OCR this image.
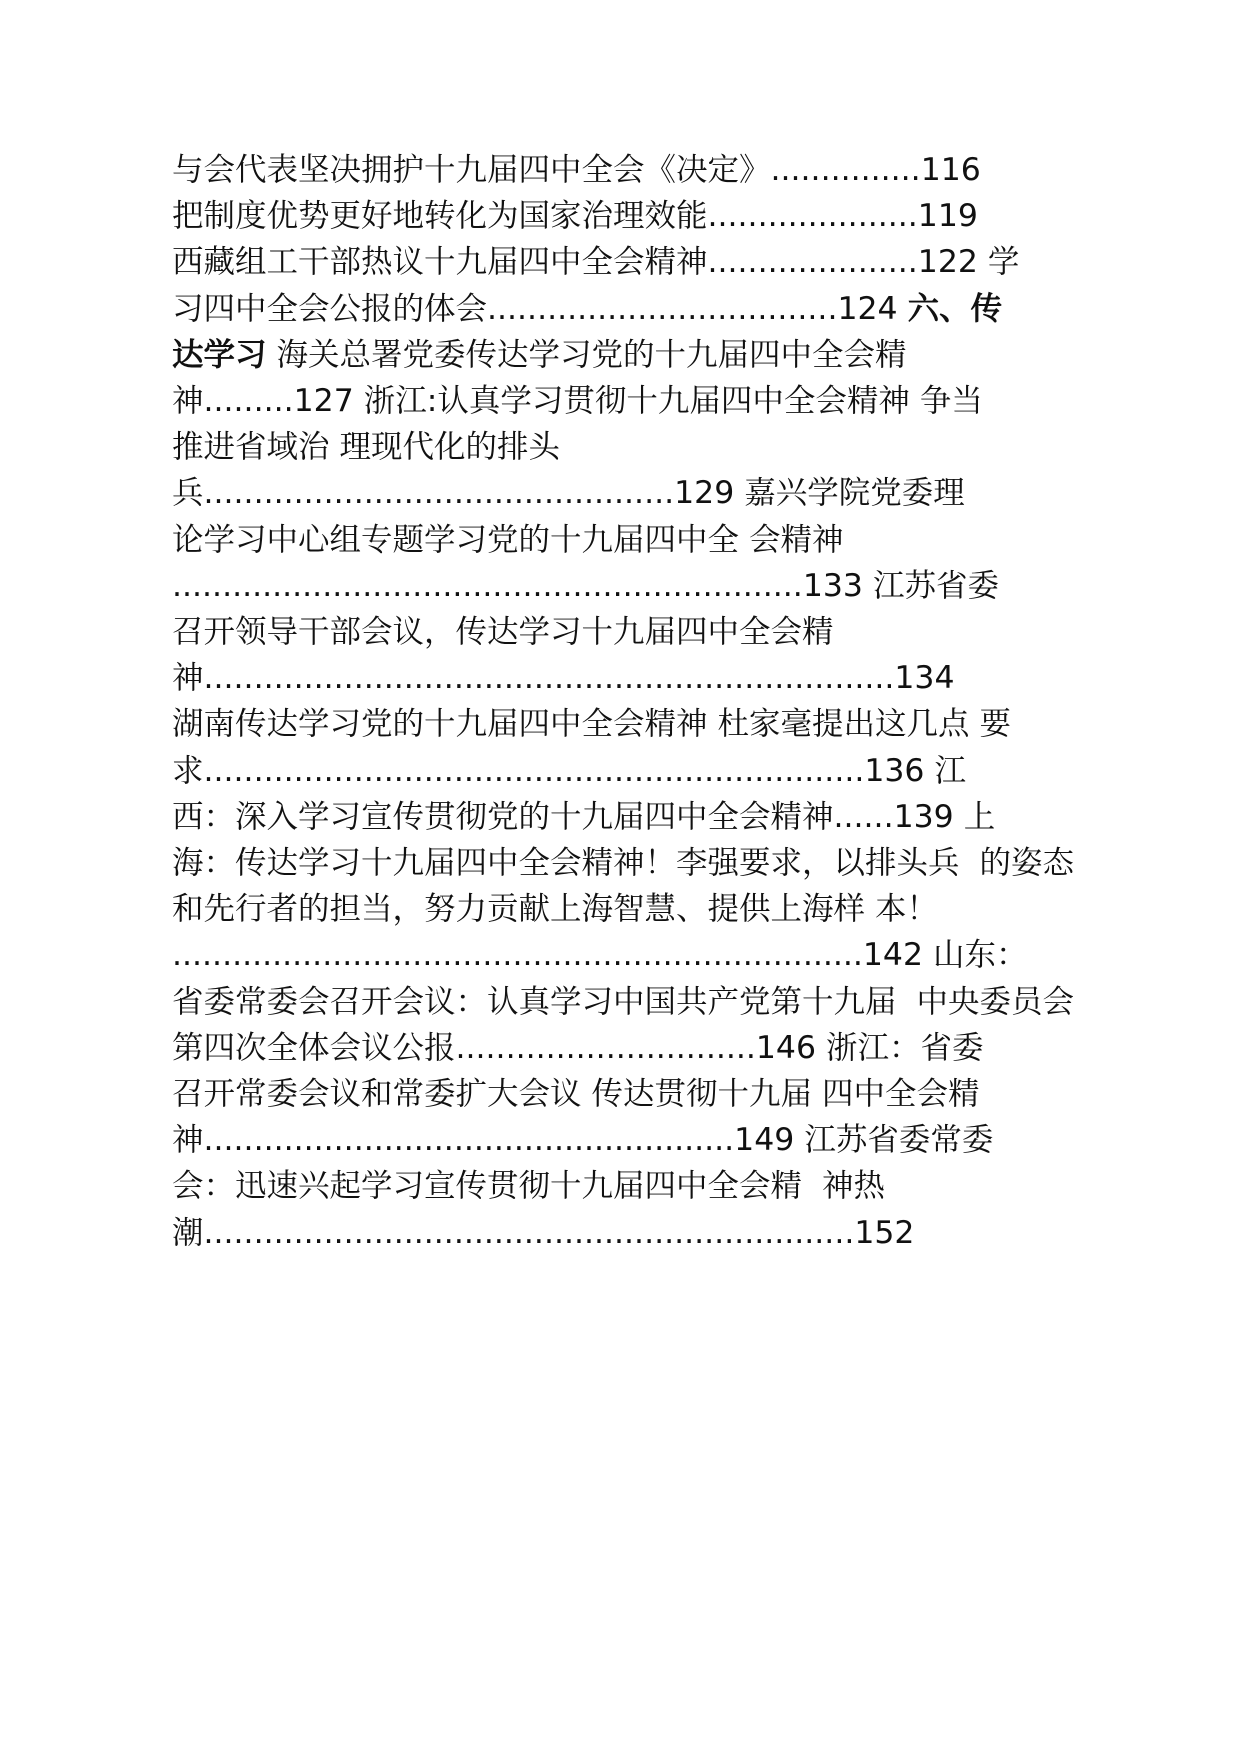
与会代表坚决拥护十九届四中全会《决定》...............116
把制度优势更好地转化为国家治理效能.....................119
西藏组工干部热议十九届四中全会精神.....................122 学
习四中全会公报的体会...................................124 六、传
达学习 海关总署党委传达学习党的十九届四中全会精
神.........127 浙江:认真学习贯彻十九届四中全会精神 争当
推进省域治 理现代化的排头
兵...............................................129 嘉兴学院党委理
论学习中心组专题学习党的十九届四中全 会精神
...............................................................133 江苏省委
召开领导干部会议，传达学习十九届四中全会精
神.....................................................................134
湖南传达学习党的十九届四中全会精神 杜家毫提出这几点 要
求..................................................................136 江
西：深入学习宣传贯彻党的十九届四中全会精神......139 上
海：传达学习十九届四中全会精神！李强要求，以排头兵  的姿态
和先行者的担当，努力贡献上海智慧、提供上海样 本！
.....................................................................142 山东：
省委常委会召开会议：认真学习中国共产党第十九届  中央委员会
第四次全体会议公报..............................146 浙江：省委
召开常委会议和常委扩大会议 传达贯彻十九届 四中全会精
神.....................................................149 江苏省委常委
会：迅速兴起学习宣传贯彻十九届四中全会精  神热
潮.................................................................152
